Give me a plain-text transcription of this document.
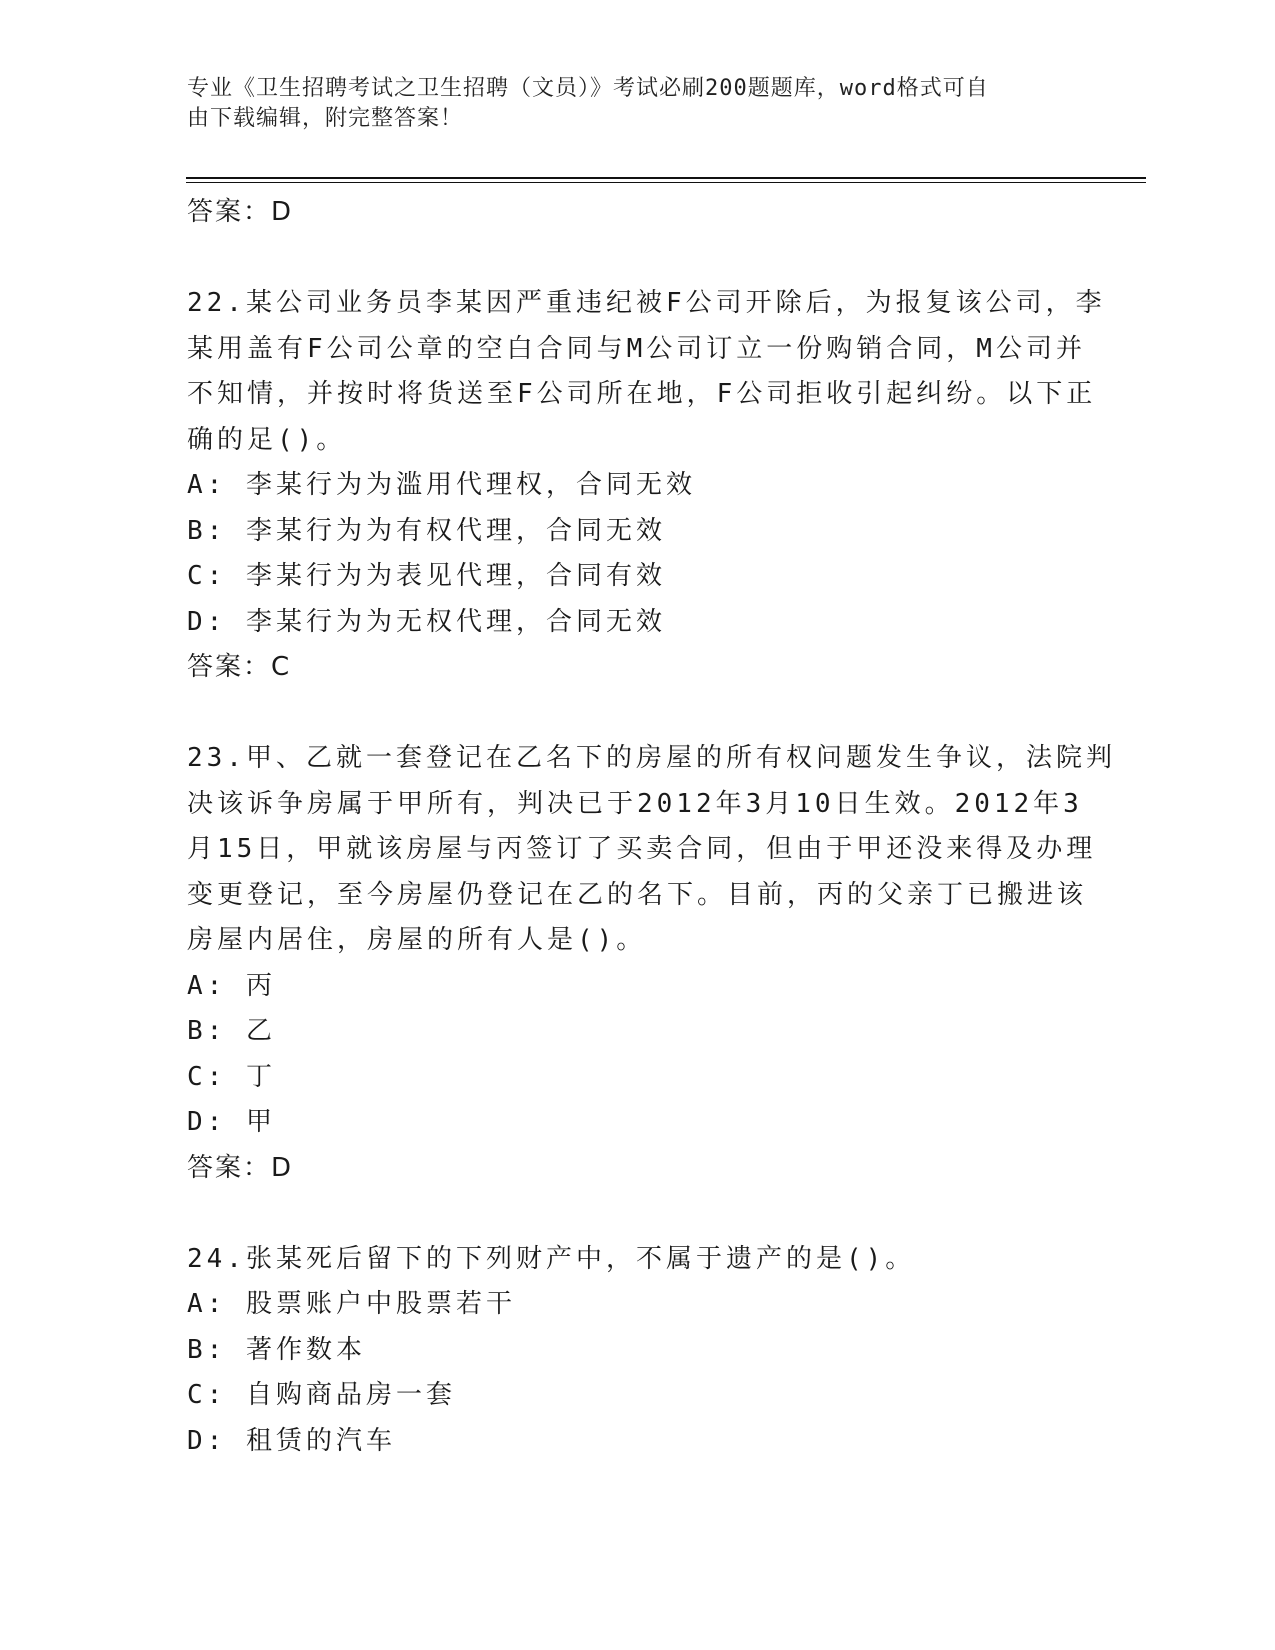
专业《卫生招聘考试之卫生招聘（文员）》考试必刷200题题库，word格式可自
由下载编辑，附完整答案！
答案：D
22.某公司业务员李某因严重违纪被F公司开除后，为报复该公司，李
某用盖有F公司公章的空白合同与M公司订立一份购销合同，M公司并
不知情，并按时将货送至F公司所在地，F公司拒收引起纠纷。以下正
确的足()。
A: 李某行为为滥用代理权，合同无效
B: 李某行为为有权代理，合同无效
C: 李某行为为表见代理，合同有效
D: 李某行为为无权代理，合同无效
答案：C
23.甲、乙就一套登记在乙名下的房屋的所有权问题发生争议，法院判
决该诉争房属于甲所有，判决已于2012年3月10日生效。2012年3
月15日，甲就该房屋与丙签订了买卖合同，但由于甲还没来得及办理
变更登记，至今房屋仍登记在乙的名下。目前，丙的父亲丁已搬进该
房屋内居住，房屋的所有人是()。
A: 丙
B: 乙
C: 丁
D: 甲
答案：D
24.张某死后留下的下列财产中，不属于遗产的是()。
A: 股票账户中股票若干
B: 著作数本
C: 自购商品房一套
D: 租赁的汽车
